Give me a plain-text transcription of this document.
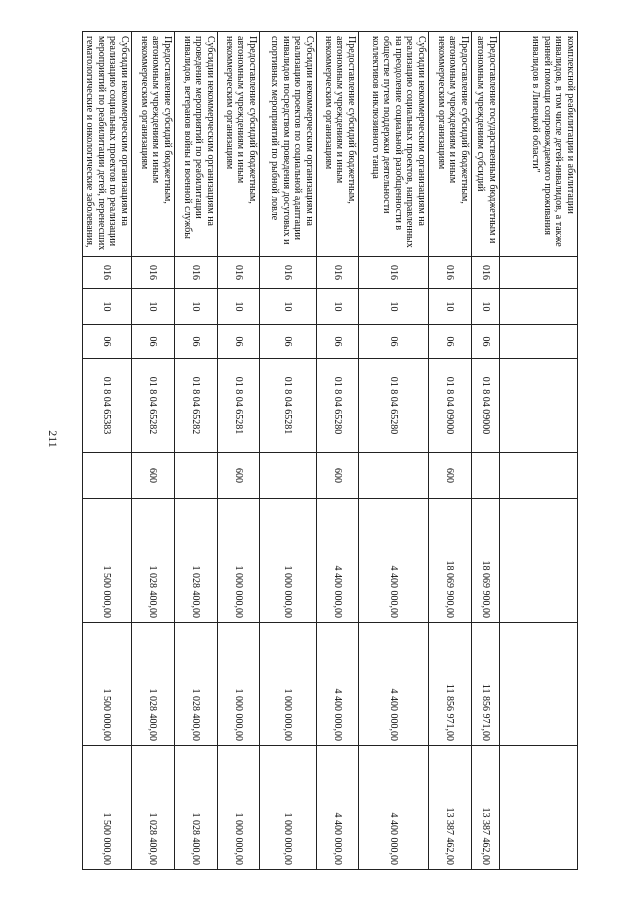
211
комплексной реабилитации и абилитации инвалидов, в том числе детей-инвалидов, а также ранней помощи сопровождаемого проживания инвалидов в Липецкой области"								
Предоставление государственным бюджетным и автономным учреждениям субсидий	016	10	06	01 8 04 09000		18 069 900,00	11 856 971,00	13 387 462,00
Предоставление субсидий бюджетным, автономным учреждениям и иным некоммерческим организациям	016	10	06	01 8 04 09000	600	18 069 900,00	11 856 971,00	13 387 462,00
Субсидии некоммерческим организациям на реализацию социальных проектов, направленных на преодоление социальной разобщенности в обществе путем поддержки деятельности коллективов инклюзивного танца	016	10	06	01 8 04 65280		4 400 000,00	4 400 000,00	4 400 000,00
Предоставление субсидий бюджетным, автономным учреждениям и иным некоммерческим организациям	016	10	06	01 8 04 65280	600	4 400 000,00	4 400 000,00	4 400 000,00
Субсидии некоммерческим организациям на реализацию проектов по социальной адаптации инвалидов посредством проведения досуговых и спортивных мероприятий по рыбной ловле	016	10	06	01 8 04 65281		1 000 000,00	1 000 000,00	1 000 000,00
Предоставление субсидий бюджетным, автономным учреждениям и иным некоммерческим организациям	016	10	06	01 8 04 65281	600	1 000 000,00	1 000 000,00	1 000 000,00
Субсидии некоммерческим организациям на проведение мероприятий по реабилитации инвалидов, ветеранов войны и военной службы	016	10	06	01 8 04 65282		1 028 400,00	1 028 400,00	1 028 400,00
Предоставление субсидий бюджетным, автономным учреждениям и иным некоммерческим организациям	016	10	06	01 8 04 65282	600	1 028 400,00	1 028 400,00	1 028 400,00
Субсидии некоммерческим организациям на реализацию социальных проектов по реализации мероприятий по реабилитации детей, перенесших гематологические и онкологические заболевания,	016	10	06	01 8 04 65383		1 500 000,00	1 500 000,00	1 500 000,00
